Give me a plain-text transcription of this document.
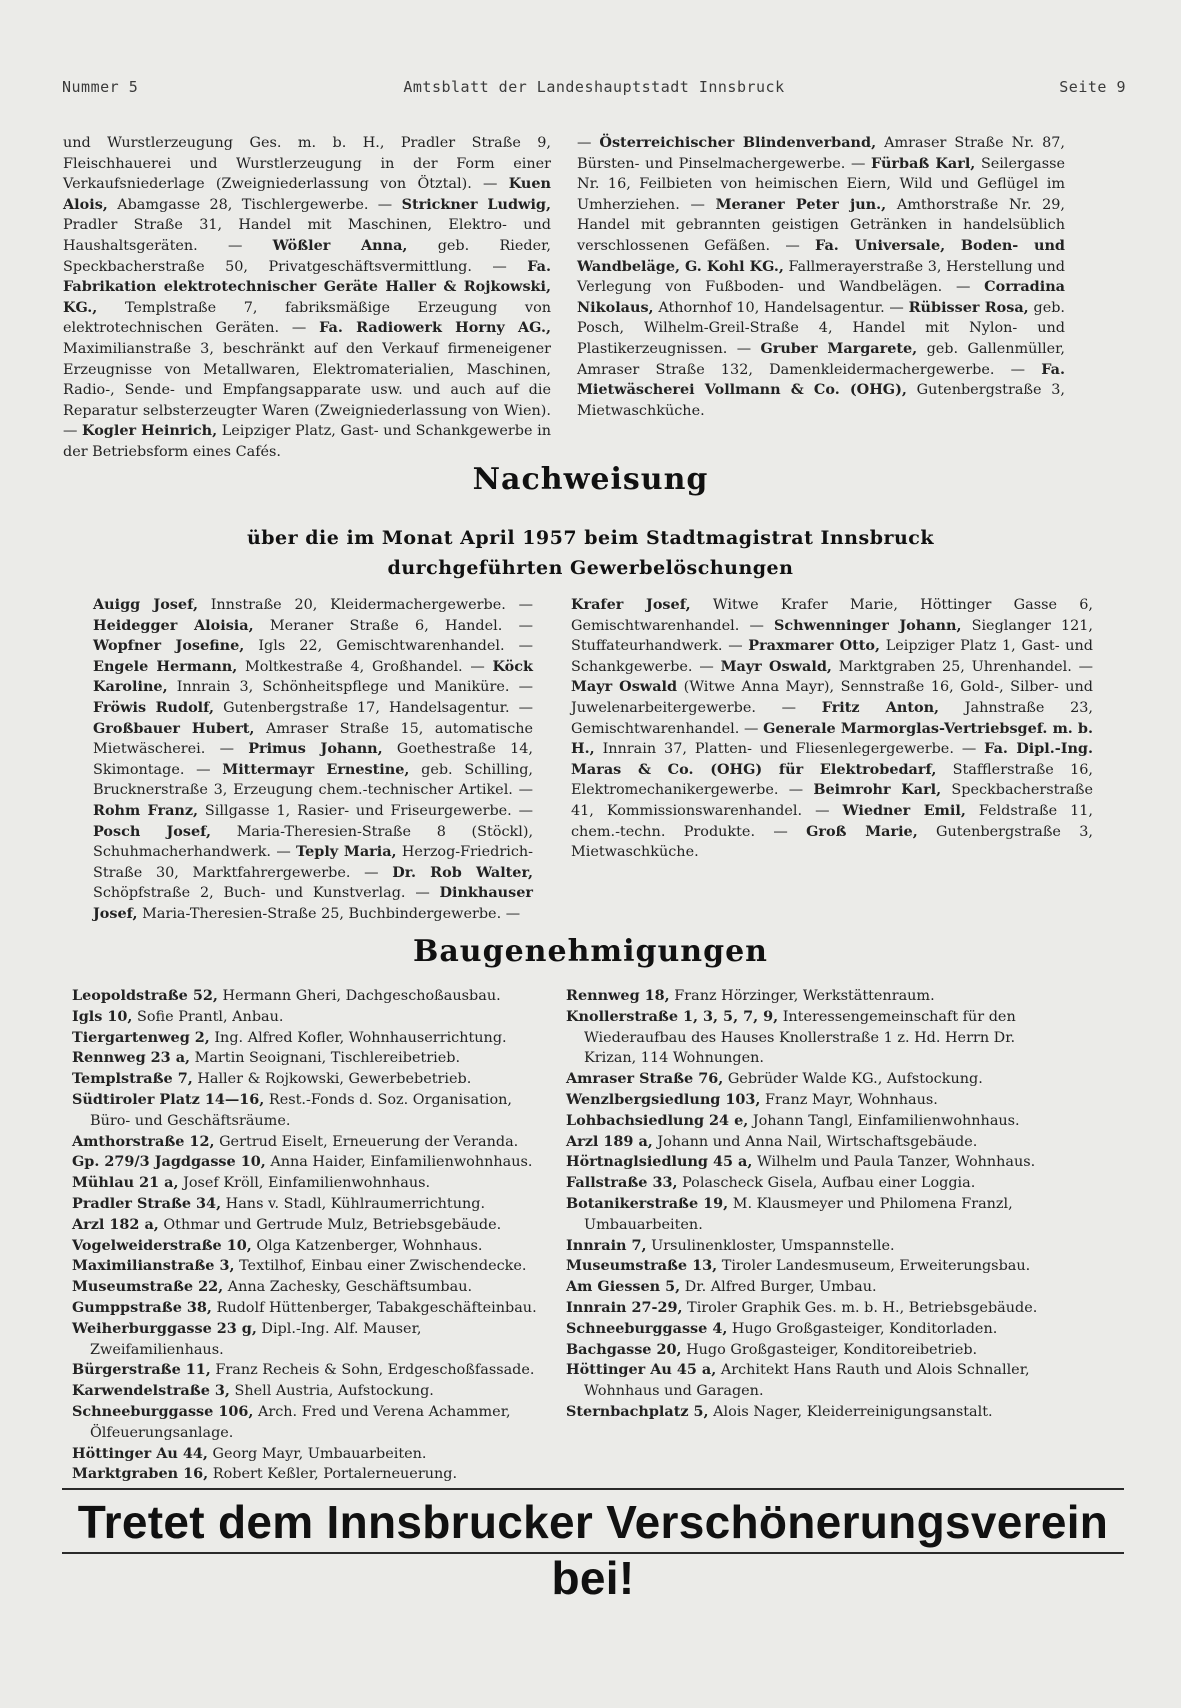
Nummer 5	Amtsblatt der Landeshauptstadt Innsbruck	Seite 9
und Wurstlerzeugung Ges. m. b. H., Pradler Straße 9, Fleischhauerei und Wurstlerzeugung in der Form einer Verkaufsniederlage (Zweigniederlassung von Ötztal). — Kuen Alois, Abamgasse 28, Tischlergewerbe. — Strickner Ludwig, Pradler Straße 31, Handel mit Maschinen, Elektro- und Haushaltsgeräten. — Wößler Anna, geb. Rieder, Speckbacherstraße 50, Privatgeschäftsvermittlung. — Fa. Fabrikation elektrotechnischer Geräte Haller & Rojkowski, KG., Templstraße 7, fabriksmäßige Erzeugung von elektrotechnischen Geräten. — Fa. Radiowerk Horny AG., Maximilianstraße 3, beschränkt auf den Verkauf firmeneigener Erzeugnisse von Metallwaren, Elektromaterialien, Maschinen, Radio-, Sende- und Empfangsapparate usw. und auch auf die Reparatur selbsterzeugter Waren (Zweigniederlassung von Wien). — Kogler Heinrich, Leipziger Platz, Gast- und Schankgewerbe in der Betriebsform eines Cafés.
— Österreichischer Blindenverband, Amraser Straße Nr. 87, Bürsten- und Pinselmachergewerbe. — Fürbaß Karl, Seilergasse Nr. 16, Feilbieten von heimischen Eiern, Wild und Geflügel im Umherziehen. — Meraner Peter jun., Amthorstraße Nr. 29, Handel mit gebrannten geistigen Getränken in handelsüblich verschlossenen Gefäßen. — Fa. Universale, Boden- und Wandbeläge, G. Kohl KG., Fallmerayerstraße 3, Herstellung und Verlegung von Fußboden- und Wandbelägen. — Corradina Nikolaus, Athornhof 10, Handelsagentur. — Rübisser Rosa, geb. Posch, Wilhelm-Greil-Straße 4, Handel mit Nylon- und Plastikerzeugnissen. — Gruber Margarete, geb. Gallenmüller, Amraser Straße 132, Damenkleidermachergewerbe. — Fa. Mietwäscherei Vollmann & Co. (OHG), Gutenbergstraße 3, Mietwaschküche.
Nachweisung
über die im Monat April 1957 beim Stadtmagistrat Innsbruck
durchgeführten Gewerbelöschungen
Auigg Josef, Innstraße 20, Kleidermachergewerbe. — Heidegger Aloisia, Meraner Straße 6, Handel. — Wopfner Josefine, Igls 22, Gemischtwarenhandel. — Engele Hermann, Moltkestraße 4, Großhandel. — Köck Karoline, Innrain 3, Schönheitspflege und Maniküre. — Fröwis Rudolf, Gutenbergstraße 17, Handelsagentur. — Großbauer Hubert, Amraser Straße 15, automatische Mietwäscherei. — Primus Johann, Goethestraße 14, Skimontage. — Mittermayr Ernestine, geb. Schilling, Brucknerstraße 3, Erzeugung chem.-technischer Artikel. — Rohm Franz, Sillgasse 1, Rasier- und Friseurgewerbe. — Posch Josef, Maria-Theresien-Straße 8 (Stöckl), Schuhmacherhandwerk. — Teply Maria, Herzog-Friedrich-Straße 30, Marktfahrergewerbe. — Dr. Rob Walter, Schöpfstraße 2, Buch- und Kunstverlag. — Dinkhauser Josef, Maria-Theresien-Straße 25, Buchbindergewerbe. —
Krafer Josef, Witwe Krafer Marie, Höttinger Gasse 6, Gemischtwarenhandel. — Schwenninger Johann, Sieglanger 121, Stuffateurhandwerk. — Praxmarer Otto, Leipziger Platz 1, Gast- und Schankgewerbe. — Mayr Oswald, Marktgraben 25, Uhrenhandel. — Mayr Oswald (Witwe Anna Mayr), Sennstraße 16, Gold-, Silber- und Juwelenarbeitergewerbe. — Fritz Anton, Jahnstraße 23, Gemischtwarenhandel. — Generale Marmorglas-Vertriebsgef. m. b. H., Innrain 37, Platten- und Fliesenlegergewerbe. — Fa. Dipl.-Ing. Maras & Co. (OHG) für Elektrobedarf, Stafflerstraße 16, Elektromechanikergewerbe. — Beimrohr Karl, Speckbacherstraße 41, Kommissionswarenhandel. — Wiedner Emil, Feldstraße 11, chem.-techn. Produkte. — Groß Marie, Gutenbergstraße 3, Mietwaschküche.
Baugenehmigungen

Leopoldstraße 52, Hermann Gheri, Dachgeschoßausbau.

Igls 10, Sofie Prantl, Anbau.

Tiergartenweg 2, Ing. Alfred Kofler, Wohnhauserrichtung.

Rennweg 23 a, Martin Seoignani, Tischlereibetrieb.

Templstraße 7, Haller & Rojkowski, Gewerbebetrieb.

Südtiroler Platz 14—16, Rest.-Fonds d. Soz. Organisation, Büro- und Geschäftsräume.

Amthorstraße 12, Gertrud Eiselt, Erneuerung der Veranda.

Gp. 279/3 Jagdgasse 10, Anna Haider, Einfamilienwohnhaus.

Mühlau 21 a, Josef Kröll, Einfamilienwohnhaus.

Pradler Straße 34, Hans v. Stadl, Kühlraumerrichtung.

Arzl 182 a, Othmar und Gertrude Mulz, Betriebsgebäude.

Vogelweiderstraße 10, Olga Katzenberger, Wohnhaus.

Maximilianstraße 3, Textilhof, Einbau einer Zwischendecke.

Museumstraße 22, Anna Zachesky, Geschäftsumbau.

Gumppstraße 38, Rudolf Hüttenberger, Tabakgeschäfteinbau.

Weiherburggasse 23 g, Dipl.-Ing. Alf. Mauser, Zweifamilienhaus.

Bürgerstraße 11, Franz Recheis & Sohn, Erdgeschoßfassade.

Karwendelstraße 3, Shell Austria, Aufstockung.

Schneeburggasse 106, Arch. Fred und Verena Achammer, Ölfeuerungsanlage.

Höttinger Au 44, Georg Mayr, Umbauarbeiten.

Marktgraben 16, Robert Keßler, Portalerneuerung.

Rennweg 18, Franz Hörzinger, Werkstättenraum.

Knollerstraße 1, 3, 5, 7, 9, Interessengemeinschaft für den Wiederaufbau des Hauses Knollerstraße 1 z. Hd. Herrn Dr. Krizan, 114 Wohnungen.

Amraser Straße 76, Gebrüder Walde KG., Aufstockung.

Wenzlbergsiedlung 103, Franz Mayr, Wohnhaus.

Lohbachsiedlung 24 e, Johann Tangl, Einfamilienwohnhaus.

Arzl 189 a, Johann und Anna Nail, Wirtschaftsgebäude.

Hörtnaglsiedlung 45 a, Wilhelm und Paula Tanzer, Wohnhaus.

Fallstraße 33, Polascheck Gisela, Aufbau einer Loggia.

Botanikerstraße 19, M. Klausmeyer und Philomena Franzl, Umbauarbeiten.

Innrain 7, Ursulinenkloster, Umspannstelle.

Museumstraße 13, Tiroler Landesmuseum, Erweiterungsbau.

Am Giessen 5, Dr. Alfred Burger, Umbau.

Innrain 27-29, Tiroler Graphik Ges. m. b. H., Betriebsgebäude.

Schneeburggasse 4, Hugo Großgasteiger, Konditorladen.

Bachgasse 20, Hugo Großgasteiger, Konditoreibetrieb.

Höttinger Au 45 a, Architekt Hans Rauth und Alois Schnaller, Wohnhaus und Garagen.

Sternbachplatz 5, Alois Nager, Kleiderreinigungsanstalt.

Tretet dem Innsbrucker Verschönerungsverein bei!
